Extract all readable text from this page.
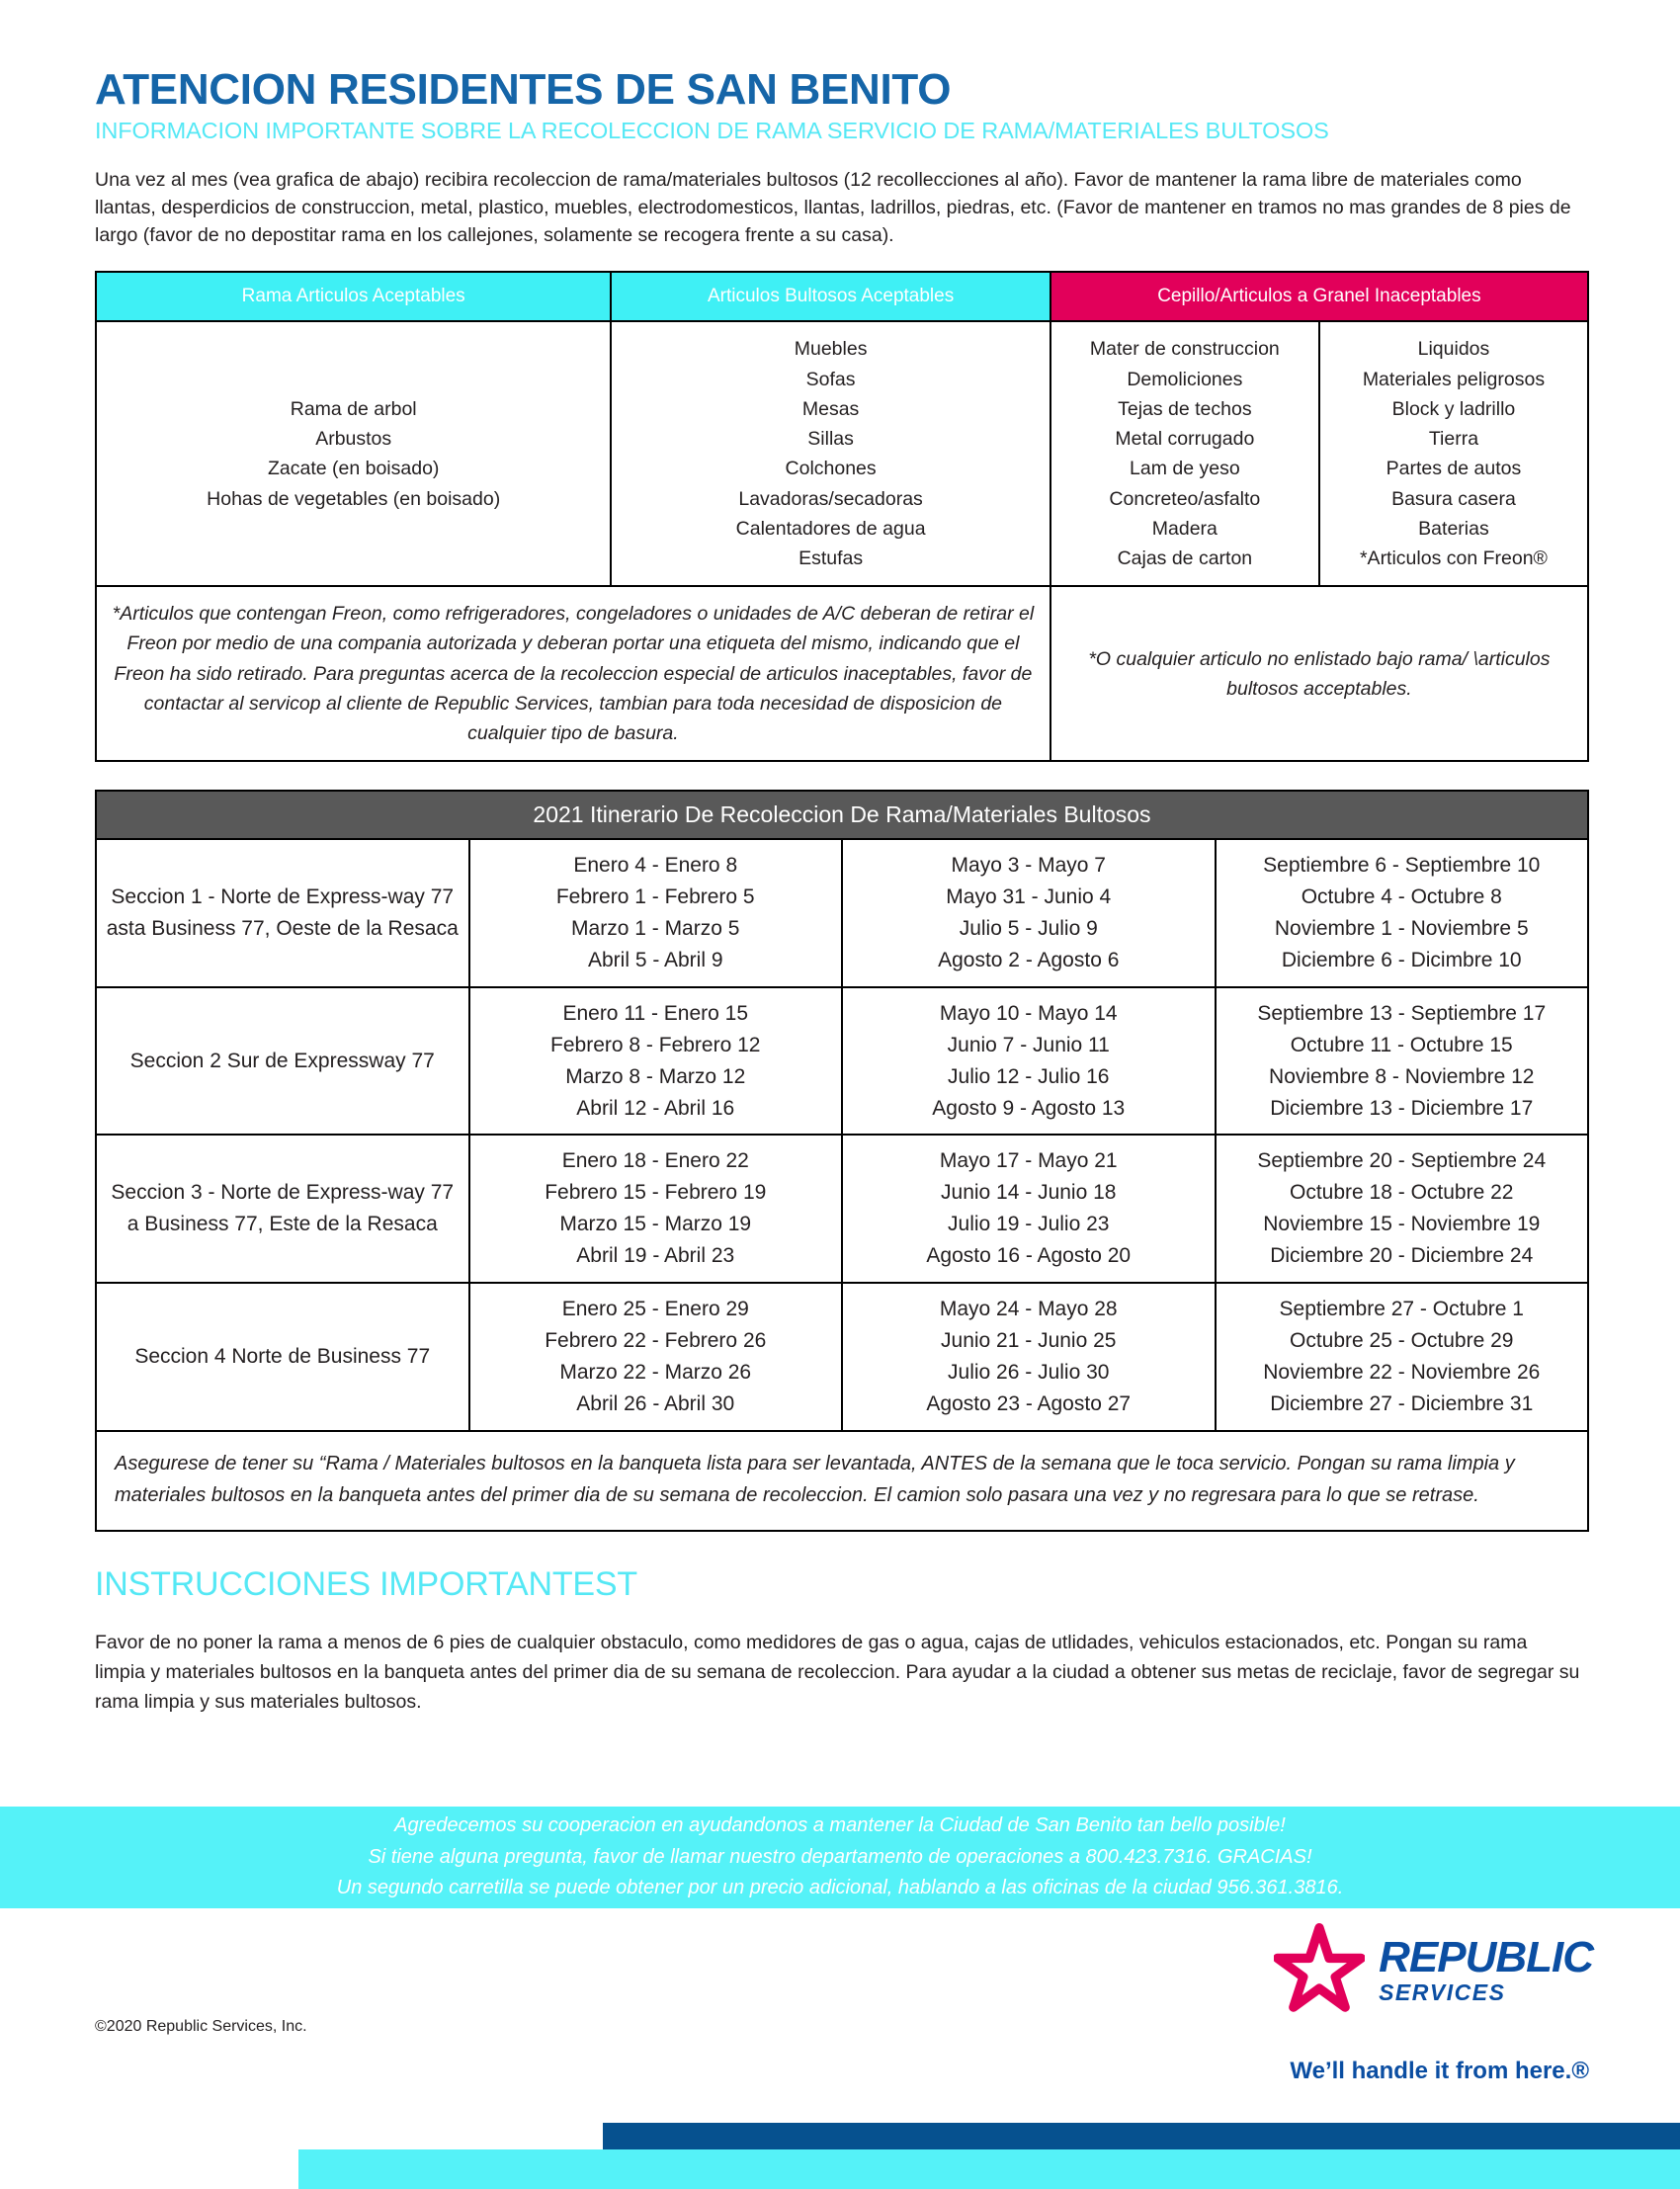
ATENCION RESIDENTES DE SAN BENITO
INFORMACION IMPORTANTE SOBRE LA RECOLECCION DE RAMA SERVICIO DE RAMA/MATERIALES BULTOSOS

Una vez al mes (vea grafica de abajo) recibira recoleccion de rama/materiales bultosos (12 recollecciones al año). Favor de mantener la rama libre de materiales como llantas, desperdicios de construccion, metal, plastico, muebles, electrodomesticos, llantas, ladrillos, piedras, etc. (Favor de mantener en tramos no mas grandes de 8 pies de largo (favor de no depostitar rama en los callejones, solamente se recogera frente a su casa).

Rama Articulos Aceptables	Articulos Bultosos Aceptables	Cepillo/Articulos a Granel Inaceptables	

Rama de arbol
Arbustos
Zacate (en boisado)
Hohas de vegetables (en boisado)

Muebles
Sofas
Mesas
Sillas
Colchones
Lavadoras/secadoras
Calentadores de agua
Estufas

Mater de construccion
Demoliciones
Tejas de techos
Metal corrugado
Lam de yeso
Concreteo/asfalto
Madera
Cajas de carton

Liquidos
Materiales peligrosos
Block y ladrillo
Tierra
Partes de autos
Basura casera
Baterias
*Articulos con Freon®

*Articulos que contengan Freon, como refrigeradores, congeladores o unidades de A/C deberan de retirar el Freon por medio de una compania autorizada y deberan portar una etiqueta del mismo, indicando que el Freon ha sido retirado. Para preguntas acerca de la recoleccion especial de articulos inaceptables, favor de contactar al servicop al cliente de Republic Services, tambian para toda necesidad de disposicion de cualquier tipo de basura.		*O cualquier articulo no enlistado bajo rama/ \articulos bultosos acceptables.	
2021 Itinerario De Recoleccion De Rama/Materiales Bultosos			
Seccion 1 - Norte de Express-way 77 asta Business 77, Oeste de la Resaca	
Enero 4 - Enero 8
Febrero 1 - Febrero 5
Marzo 1 - Marzo 5
Abril 5 - Abril 9

Mayo 3 - Mayo 7
Mayo 31 - Junio 4
Julio 5 - Julio 9
Agosto 2 - Agosto 6

Septiembre 6 - Septiembre 10
Octubre 4 - Octubre 8
Noviembre 1 - Noviembre 5
Diciembre 6 - Dicimbre 10

Seccion 2 Sur de Expressway 77	
Enero 11 - Enero 15
Febrero 8 - Febrero 12
Marzo 8 - Marzo 12
Abril 12 - Abril 16

Mayo 10 - Mayo 14
Junio 7 - Junio 11
Julio 12 - Julio 16
Agosto 9 - Agosto 13

Septiembre 13 - Septiembre 17
Octubre 11 - Octubre 15
Noviembre 8 - Noviembre 12
Diciembre 13 - Diciembre 17

Seccion 3 - Norte de Express-way 77 a Business 77, Este de la Resaca	
Enero 18 - Enero 22
Febrero 15 - Febrero 19
Marzo 15 - Marzo 19
Abril 19 - Abril 23

Mayo 17 - Mayo 21
Junio 14 - Junio 18
Julio 19 - Julio 23
Agosto 16 - Agosto 20

Septiembre 20 - Septiembre 24
Octubre 18 - Octubre 22
Noviembre 15 - Noviembre 19
Diciembre 20 - Diciembre 24

Seccion 4 Norte de Business 77	
Enero 25 - Enero 29
Febrero 22 - Febrero 26
Marzo 22 - Marzo 26
Abril 26 - Abril 30

Mayo 24 - Mayo 28
Junio 21 - Junio 25
Julio 26 - Julio 30
Agosto 23 - Agosto 27

Septiembre 27 - Octubre 1
Octubre 25 - Octubre 29
Noviembre 22 - Noviembre 26
Diciembre 27 - Diciembre 31

Asegurese de tener su “Rama / Materiales bultosos en la banqueta lista para ser levantada, ANTES de la semana que le toca servicio. Pongan su rama limpia y materiales bultosos en la banqueta antes del primer dia de su semana de recoleccion. El camion solo pasara una vez y no regresara para lo que se retrase.			
INSTRUCCIONES IMPORTANTEST

Favor de no poner la rama a menos de 6 pies de cualquier obstaculo, como medidores de gas o agua, cajas de utlidades, vehiculos estacionados, etc. Pongan su rama limpia y materiales bultosos en la banqueta antes del primer dia de su semana de recoleccion. Para ayudar a la ciudad a obtener sus metas de reciclaje, favor de segregar su rama limpia y sus materiales bultosos.

Agredecemos su cooperacion en ayudandonos a mantener la Ciudad de San Benito tan bello posible!
Si tiene alguna pregunta, favor de llamar nuestro departamento de operaciones a 800.423.7316. GRACIAS!
Un segundo carretilla se puede obtener por un precio adicional, hablando a las oficinas de la ciudad 956.361.3816.
©2020 Republic Services, Inc.
REPUBLIC
SERVICES
We’ll handle it from here.®
